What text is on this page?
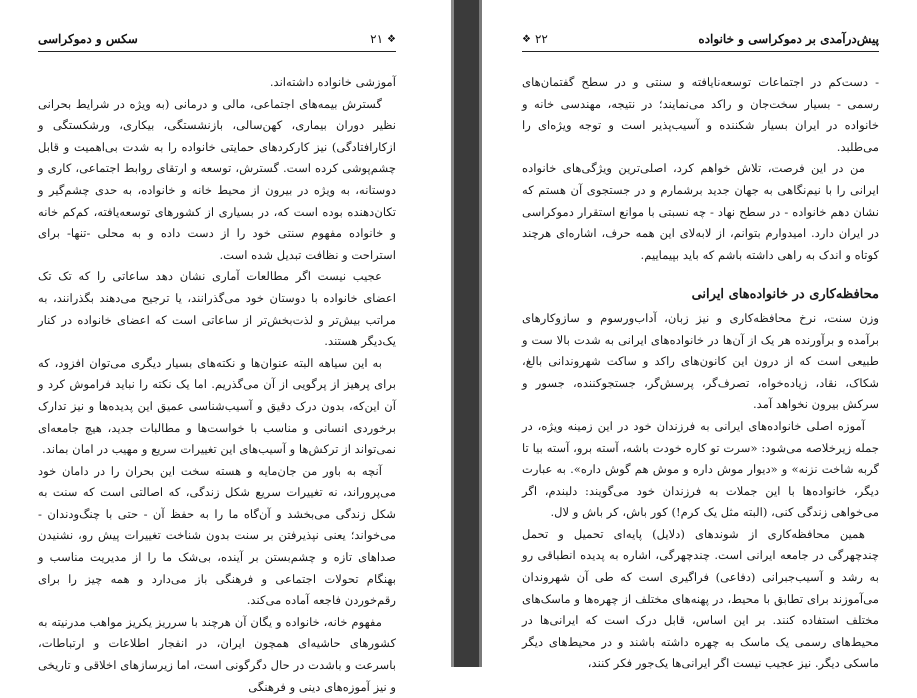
سکس و دموکراسی	۲۱ ❖

آموزشی خانواده داشته‌اند.

گسترش بیمه‌های اجتماعی، مالی و درمانی (به ویژه در شرایط بحرانی نظیر دوران بیماری، کهن‌سالی، بازنشستگی، بیکاری، ورشکستگی و ازکارافتادگی) نیز کارکردهای حمایتی خانواده را به شدت بی‌اهمیت و قابل چشم‌پوشی کرده است. گسترش، توسعه و ارتقای روابط اجتماعی، کاری و دوستانه، به ویژه در بیرون از محیط خانه و خانواده، به حدی چشم‌گیر و تکان‌دهنده بوده است که، در بسیاری از کشورهای توسعه‌یافته، کم‌کم خانه و خانواده مفهوم سنتی خود را از دست داده و به محلی -تنها- برای استراحت و نظافت تبدیل شده است.

عجیب نیست اگر مطالعات آماری نشان دهد ساعاتی را که تک تک اعضای خانواده با دوستان خود می‌گذرانند، یا ترجیح می‌دهند بگذرانند، به مراتب بیش‌تر و لذت‌بخش‌تر از ساعاتی است که اعضای خانواده در کنار یک‌دیگر هستند.

به این سیاهه البته عنوان‌ها و نکته‌های بسیار دیگری می‌توان افزود، که برای پرهیز از پرگویی از آن می‌گذریم. اما یک نکته را نباید فراموش کرد و آن این‌که، بدون درک دقیق و آسیب‌شناسی عمیق این پدیده‌ها و نیز تدارک برخوردی انسانی و مناسب با خواست‌ها و مطالبات جدید، هیچ جامعه‌ای نمی‌تواند از ترکش‌ها و آسیب‌های این تغییرات سریع و مهیب در امان بماند.

آنچه به باور من جان‌مایه و هسته سخت این بحران را در دامان خود می‌پروراند، نه تغییرات سریع شکل زندگی، که اصالتی است که سنت به شکل زندگی می‌بخشد و آن‌گاه ما را به حفظ آن - حتی با چنگ‌ودندان - می‌خواند؛ یعنی نپذیرفتن بر سنت بدون شناخت تغییرات پیش رو، نشنیدن صداهای تازه و چشم‌بستن بر آینده، بی‌شک ما را از مدیریت مناسب و بهنگام تحولات اجتماعی و فرهنگی باز می‌دارد و همه چیز را برای رقم‌خوردن فاجعه آماده می‌کند.

مفهوم خانه، خانواده و یگان آن هرچند با سرریز یکریز مواهب مدرنیته به کشورهای حاشیه‌ای همچون ایران، در انفجار اطلاعات و ارتباطات، باسرعت و باشدت در حال دگرگونی است، اما زیرسازهای اخلاقی و تاریخی و نیز آموزه‌های دینی و فرهنگی

❖ ۲۲	پیش‌درآمدی بر دموکراسی و خانواده

- دست‌کم در اجتماعات توسعه‌نایافته و سنتی و در سطح گفتمان‌های رسمی - بسیار سخت‌جان و راکد می‌نمایند؛ در نتیجه، مهندسی خانه و خانواده در ایران بسیار شکننده و آسیب‌پذیر است و توجه ویژه‌ای را می‌طلبد.

من در این فرصت، تلاش خواهم کرد، اصلی‌ترین ویژگی‌های خانواده ایرانی را با نیم‌نگاهی به جهان جدید برشمارم و در جستجوی آن هستم که نشان دهم خانواده - در سطح نهاد - چه نسبتی با موانع استقرار دموکراسی در ایران دارد. امیدوارم بتوانم، از لابه‌لای این همه حرف، اشاره‌ای هرچند کوتاه و اندک به راهی داشته باشم که باید بپیماییم.

محافظه‌کاری در خانواده‌های ایرانی

وزن سنت، نرخ محافظه‌کاری و نیز زبان، آداب‌ورسوم و سازوکارهای برآمده و برآورنده هر یک از آن‌ها در خانواده‌های ایرانی به شدت بالا ست و طبیعی است که از درون این کانون‌های راکد و ساکت شهروندانی بالغ، شکاک، نقاد، زیاده‌خواه، تصرف‌گر، پرسش‌گر، جستجوکننده، جسور و سرکش بیرون نخواهد آمد.

آموزه اصلی خانواده‌های ایرانی به فرزندان خود در این زمینه ویژه، در جمله زیرخلاصه می‌شود: «سرت تو کاره خودت باشه، آسته برو، آسته بیا تا گربه شاخت نزنه» و «دیوار موش داره و موش هم گوش داره». به عبارت دیگر، خانواده‌ها با این جملات به فرزندان خود می‌گویند: دلبندم، اگر می‌خواهی زندگی کنی، (البته مثل یک کرم!) کور باش، کر باش و لال.

همین محافظه‌کاری از شوندهای (دلایل) پایه‌ای تحمیل و تحمل چندچهرگی در جامعه ایرانی است. چندچهرگی، اشاره به پدیده انطباقی رو به رشد و آسیب‌جبرانی (دفاعی) فراگیری است که طی آن شهروندان می‌آموزند برای تطابق با محیط، در پهنه‌های مختلف از چهره‌ها و ماسک‌های مختلف استفاده کنند. بر این اساس، قابل درک است که ایرانی‌ها در محیط‌های رسمی یک ماسک به چهره داشته باشند و در محیط‌های دیگر ماسکی دیگر. نیز عجیب نیست اگر ایرانی‌ها یک‌جور فکر کنند،
